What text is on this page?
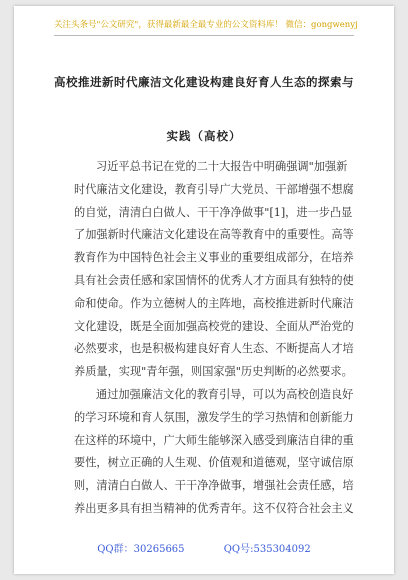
关注头条号"公文研究"，获得最新最全最专业的公文资料库！ 微信：gongwenyj
高校推进新时代廉洁文化建设构建良好育人生态的探索与
实践（高校）

习近平总书记在党的二十大报告中明确强调"加强新
时代廉洁文化建设，教育引导广大党员、干部增强不想腐
的自觉，清清白白做人、干干净净做事"[1]，进一步凸显
了加强新时代廉洁文化建设在高等教育中的重要性。高等
教育作为中国特色社会主义事业的重要组成部分，在培养
具有社会责任感和家国情怀的优秀人才方面具有独特的使
命和使命。作为立德树人的主阵地，高校推进新时代廉洁
文化建设，既是全面加强高校党的建设、全面从严治党的
必然要求，也是积极构建良好育人生态、不断提高人才培
养质量，实现"青年强，则国家强"历史判断的必然要求。

通过加强廉洁文化的教育引导，可以为高校创造良好
的学习环境和育人氛围，激发学生的学习热情和创新能力
在这样的环境中，广大师生能够深入感受到廉洁自律的重
要性，树立正确的人生观、价值观和道德观，坚守诚信原
则，清清白白做人、干干净净做事，增强社会责任感，培
养出更多具有担当精神的优秀青年。这不仅符合社会主义

QQ群：30265665	QQ号:535304092
